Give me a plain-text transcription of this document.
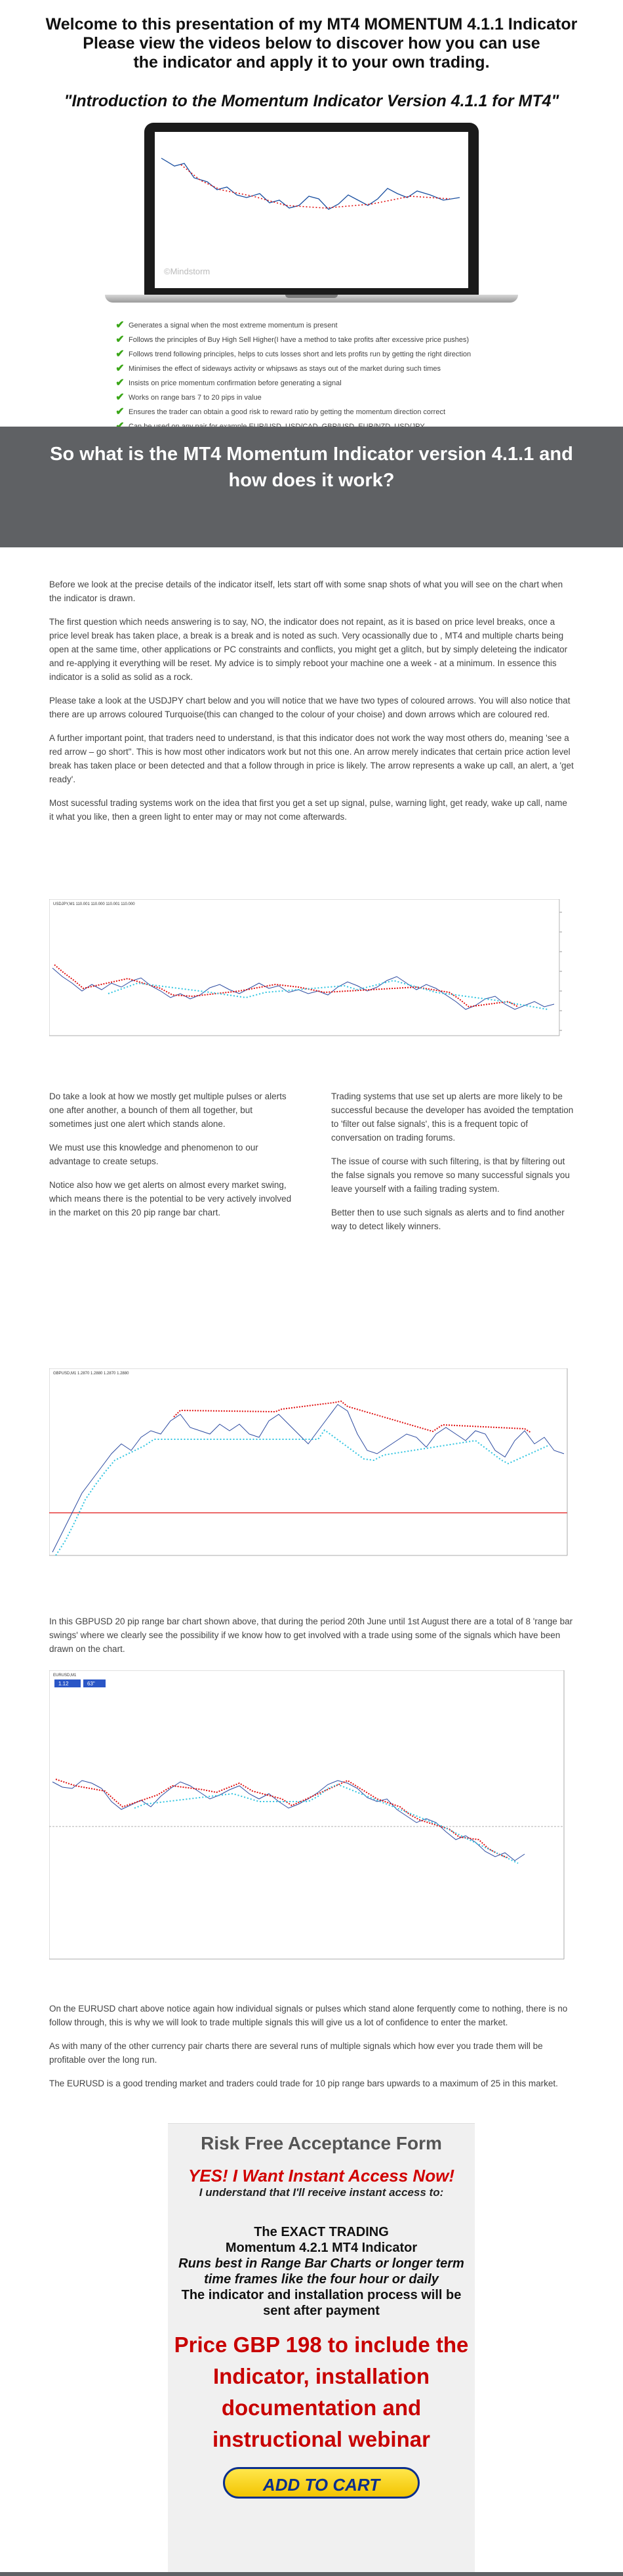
Welcome to this presentation of my MT4 MOMENTUM 4.1.1 Indicator
Please view the videos below to discover how you can use the indicator and apply it to your own trading.
"Introduction to the Momentum Indicator Version 4.1.1 for MT4"
©Mindstorm
✔ Generates a signal when the most extreme momentum is present
✔ Follows the principles of Buy High Sell Higher(I have a method to take profits after excessive price pushes)
✔ Follows trend following principles, helps to cuts losses short and lets profits run by getting the right direction
✔ Minimises the effect of sideways activity or whipsaws as stays out of the market during such times
✔ Insists on price momentum confirmation before generating a signal
✔ Works on range bars 7 to 20 pips in value
✔ Ensures the trader can obtain a good risk to reward ratio by getting the momentum direction correct
So what is the MT4 Momentum Indicator version 4.1.1 and how does it work?

Before we look at the precise details of the indicator itself, lets start off with some snap shots of what you will see on the chart when the indicator is drawn.

The first question which needs answering is to say, NO, the indicator does not repaint, as it is based on price level breaks, once a price level break has taken place, a break is a break and is noted as such. Very ocassionally due to , MT4 and multiple charts being open at the same time, other applications or PC constraints and conflicts, you might get a glitch, but by simply deleteing the indicator and re-applying it everything will be reset. My advice is to simply reboot your machine one a week - at a minimum. In essence this indicator is a solid as solid as a rock.

Please take a look at the USDJPY chart below and you will notice that we have two types of coloured arrows. You will also notice that there are up arrows coloured Turquoise(this can changed to the colour of your choise) and down arrows which are coloured red.

A further important point, that traders need to understand, is that this indicator does not work the way most others do, meaning 'see a red arrow – go short". This is how most other indicators work but not this one. An arrow merely indicates that certain price action level break has taken place or been detected and that a follow through in price is likely. The arrow represents a wake up call, an alert, a 'get ready'.

Most sucessful trading systems work on the idea that first you get a set up signal, pulse, warning light, get ready, wake up call, name it what you like, then a green light to enter may or may not come afterwards.

USDJPY,M1 110.001 110.000 110.001 110.000

Do take a look at how we mostly get multiple pulses or alerts one after another, a bounch of them all together, but sometimes just one alert which stands alone.

We must use this knowledge and phenomenon to our advantage to create setups.

Notice also how we get alerts on almost every market swing, which means there is the potential to be very actively involved in the market on this 20 pip range bar chart.

Trading systems that use set up alerts are more likely to be successful because the developer has avoided the temptation to 'filter out false signals', this is a frequent topic of conversation on trading forums.

The issue of course with such filtering, is that by filtering out the false signals you remove so many successful signals you leave yourself with a failing trading system.

Better then to use such signals as alerts and to find another way to detect likely winners.

GBPUSD,M1 1.2870 1.2880 1.2870 1.2880

In this GBPUSD 20 pip range bar chart shown above, that during the period 20th June until 1st August there are a total of 8 'range bar swings' where we clearly see the possibility if we know how to get involved with a trade using some of the signals which have been drawn on the chart.

EURUSD,M1
1.12	63"

On the EURUSD chart above notice again how individual signals or pulses which stand alone ferquently come to nothing, there is no follow through, this is why we will look to trade multiple signals this will give us a lot of confidence to enter the market.

As with many of the other currency pair charts there are several runs of multiple signals which how ever you trade them will be profitable over the long run.

The EURUSD is a good trending market and traders could trade for 10 pip range bars upwards to a maximum of 25 in this market.

Risk Free Acceptance Form
YES! I Want Instant Access Now!
I understand that I'll receive instant access to:
The EXACT TRADING
Momentum 4.2.1 MT4 Indicator
Runs best in Range Bar Charts or longer term time frames like the four hour or daily
The indicator and installation process will be sent after payment
Price GBP 198 to include the Indicator, installation documentation and instructional webinar
ADD TO CART
